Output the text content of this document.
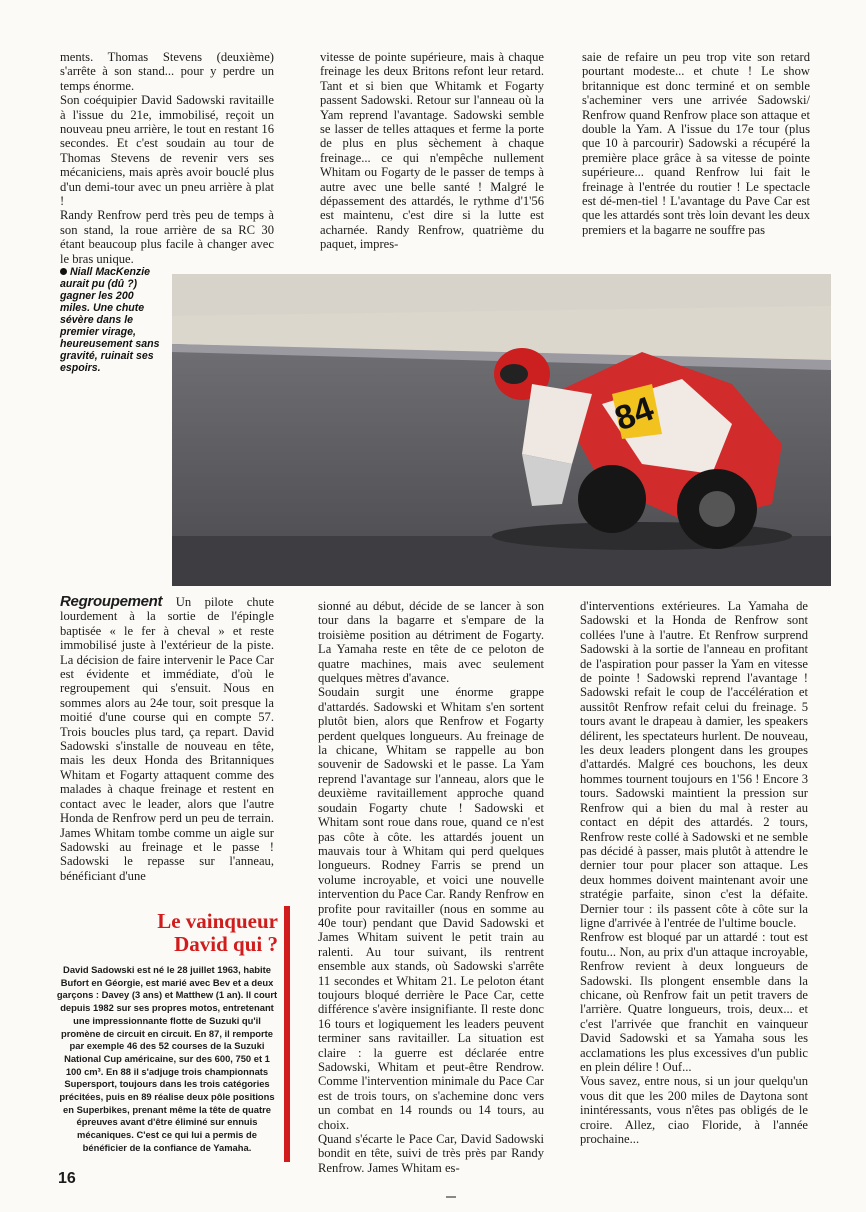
ments. Thomas Stevens (deuxième) s'arrête à son stand... pour y perdre un temps énorme.

Son coéquipier David Sadowski ravitaille à l'issue du 21e, immobilisé, reçoit un nouveau pneu arrière, le tout en restant 16 secondes. Et c'est soudain au tour de Thomas Stevens de revenir vers ses mécaniciens, mais après avoir bouclé plus d'un demi-tour avec un pneu arrière à plat !

Randy Renfrow perd très peu de temps à son stand, la roue arrière de sa RC 30 étant beaucoup plus facile à changer avec le bras unique.

vitesse de pointe supérieure, mais à chaque freinage les deux Britons refont leur retard. Tant et si bien que Whitamk et Fogarty passent Sadowski. Retour sur l'anneau où la Yam reprend l'avantage. Sadowski semble se lasser de telles attaques et ferme la porte de plus en plus sèchement à chaque freinage... ce qui n'empêche nullement Whitam ou Fogarty de le passer de temps à autre avec une belle santé ! Malgré le dépassement des attardés, le rythme d'1'56 est maintenu, c'est dire si la lutte est acharnée. Randy Renfrow, quatrième du paquet, impres-

saie de refaire un peu trop vite son retard pourtant modeste... et chute ! Le show britannique est donc terminé et on semble s'acheminer vers une arrivée Sadowski/ Renfrow quand Renfrow place son attaque et double la Yam. A l'issue du 17e tour (plus que 10 à parcourir) Sadowski a récupéré la première place grâce à sa vitesse de pointe supérieure... quand Renfrow lui fait le freinage à l'entrée du routier ! Le spectacle est dé-men-tiel ! L'avantage du Pave Car est que les attardés sont très loin devant les deux premiers et la bagarre ne souffre pas

Niall MacKenzie aurait pu (dû ?) gagner les 200 miles. Une chute sévère dans le premier virage, heureusement sans gravité, ruinait ses espoirs.
84

Regroupement Un pilote chute lourdement à la sortie de l'épingle baptisée « le fer à cheval » et reste immobilisé juste à l'extérieur de la piste. La décision de faire intervenir le Pace Car est évidente et immédiate, d'où le regroupement qui s'ensuit. Nous en sommes alors au 24e tour, soit presque la moitié d'une course qui en compte 57. Trois boucles plus tard, ça repart. David Sadowski s'installe de nouveau en tête, mais les deux Honda des Britanniques Whitam et Fogarty attaquent comme des malades à chaque freinage et restent en contact avec le leader, alors que l'autre Honda de Renfrow perd un peu de terrain. James Whitam tombe comme un aigle sur Sadowski au freinage et le passe ! Sadowski le repasse sur l'anneau, bénéficiant d'une

sionné au début, décide de se lancer à son tour dans la bagarre et s'empare de la troisième position au détriment de Fogarty. La Yamaha reste en tête de ce peloton de quatre machines, mais avec seulement quelques mètres d'avance.

Soudain surgit une énorme grappe d'attardés. Sadowski et Whitam s'en sortent plutôt bien, alors que Renfrow et Fogarty perdent quelques longueurs. Au freinage de la chicane, Whitam se rappelle au bon souvenir de Sadowski et le passe. La Yam reprend l'avantage sur l'anneau, alors que le deuxième ravitaillement approche quand soudain Fogarty chute ! Sadowski et Whitam sont roue dans roue, quand ce n'est pas côte à côte. les attardés jouent un mauvais tour à Whitam qui perd quelques longueurs. Rodney Farris se prend un volume incroyable, et voici une nouvelle intervention du Pace Car. Randy Renfrow en profite pour ravitailler (nous en somme au 40e tour) pendant que David Sadowski et James Whitam suivent le petit train au ralenti. Au tour suivant, ils rentrent ensemble aux stands, où Sadowski s'arrête 11 secondes et Whitam 21. Le peloton étant toujours bloqué derrière le Pace Car, cette différence s'avère insignifiante. Il reste donc 16 tours et logiquement les leaders peuvent terminer sans ravitailler. La situation est claire : la guerre est déclarée entre Sadowski, Whitam et peut-être Rendrow. Comme l'intervention minimale du Pace Car est de trois tours, on s'achemine donc vers un combat en 14 rounds ou 14 tours, au choix.

Quand s'écarte le Pace Car, David Sadowski bondit en tête, suivi de très près par Randy Renfrow. James Whitam es-

d'interventions extérieures. La Yamaha de Sadowski et la Honda de Renfrow sont collées l'une à l'autre. Et Renfrow surprend Sadowski à la sortie de l'anneau en profitant de l'aspiration pour passer la Yam en vitesse de pointe ! Sadowski reprend l'avantage ! Sadowski refait le coup de l'accélération et aussitôt Renfrow refait celui du freinage. 5 tours avant le drapeau à damier, les speakers délirent, les spectateurs hurlent. De nouveau, les deux leaders plongent dans les groupes d'attardés. Malgré ces bouchons, les deux hommes tournent toujours en 1'56 ! Encore 3 tours. Sadowski maintient la pression sur Renfrow qui a bien du mal à rester au contact en dépit des attardés. 2 tours, Renfrow reste collé à Sadowski et ne semble pas décidé à passer, mais plutôt à attendre le dernier tour pour placer son attaque. Les deux hommes doivent maintenant avoir une stratégie parfaite, sinon c'est la défaite. Dernier tour : ils passent côte à côte sur la ligne d'arrivée à l'entrée de l'ultime boucle.

Renfrow est bloqué par un attardé : tout est foutu... Non, au prix d'un attaque incroyable, Renfrow revient à deux longueurs de Sadowski. Ils plongent ensemble dans la chicane, où Renfrow fait un petit travers de l'arrière. Quatre longueurs, trois, deux... et c'est l'arrivée que franchit en vainqueur David Sadowski et sa Yamaha sous les acclamations les plus excessives d'un public en plein délire ! Ouf...

Vous savez, entre nous, si un jour quelqu'un vous dit que les 200 miles de Daytona sont inintéressants, vous n'êtes pas obligés de le croire. Allez, ciao Floride, à l'année prochaine...

Le vainqueur
David qui ?
David Sadowski est né le 28 juillet 1963, habite Bufort en Géorgie, est marié avec Bev et a deux garçons : Davey (3 ans) et Matthew (1 an). Il court depuis 1982 sur ses propres motos, entretenant une impressionnante flotte de Suzuki qu'il promène de circuit en circuit. En 87, il remporte par exemple 46 des 52 courses de la Suzuki National Cup américaine, sur des 600, 750 et 1 100 cm³. En 88 il s'adjuge trois championnats Supersport, toujours dans les trois catégories précitées, puis en 89 réalise deux pôle positions en Superbikes, prenant même la tête de quatre épreuves avant d'être éliminé sur ennuis mécaniques. C'est ce qui lui a permis de bénéficier de la confiance de Yamaha.
16
